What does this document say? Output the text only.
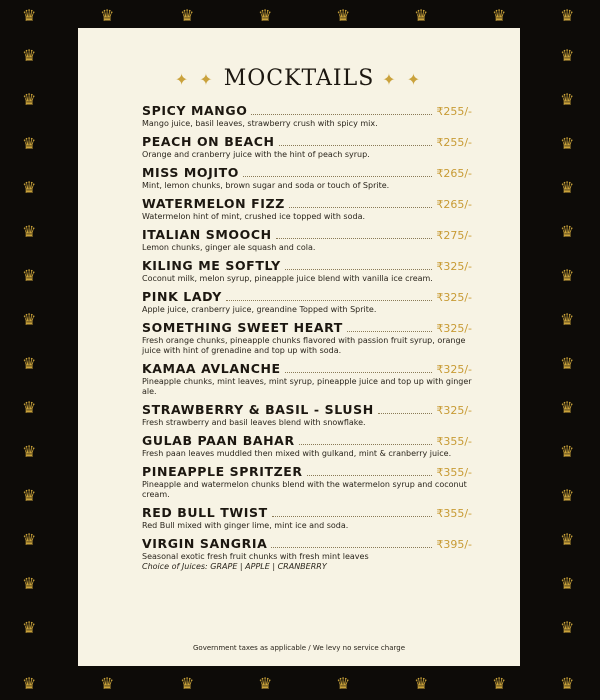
♛
♛
♛
♛
♛
♛
♛
♛
♛
♛
♛
♛
♛
♛
♛
♛
♛	♛
♛	♛
♛	♛
♛	♛
♛	♛
♛	♛
♛	♛
♛	♛
♛	♛
♛	♛
♛	♛
♛	♛
♛	♛
♛	♛
✦ ✦ MOCKTAILS ✦ ✦
SPICY MANGO	₹255/-
Mango juice, basil leaves, strawberry crush with spicy mix.
PEACH ON BEACH	₹255/-
Orange and cranberry juice with the hint of peach syrup.
MISS MOJITO	₹265/-
Mint, lemon chunks, brown sugar and soda or touch of Sprite.
WATERMELON FIZZ	₹265/-
Watermelon hint of mint, crushed ice topped with soda.
ITALIAN SMOOCH	₹275/-
Lemon chunks, ginger ale squash and cola.
KILING ME SOFTLY	₹325/-
Coconut milk, melon syrup, pineapple juice blend with vanilla ice cream.
PINK LADY	₹325/-
Apple juice, cranberry juice, greandine Topped with Sprite.
SOMETHING SWEET HEART	₹325/-
Fresh orange chunks, pineapple chunks flavored with passion fruit syrup, orange juice with hint of grenadine and top up with soda.
KAMAA AVLANCHE	₹325/-
Pineapple chunks, mint leaves, mint syrup, pineapple juice and top up with ginger ale.
STRAWBERRY & BASIL - SLUSH	₹325/-
Fresh strawberry and basil leaves blend with snowflake.
GULAB PAAN BAHAR	₹355/-
Fresh paan leaves muddled then mixed with gulkand, mint & cranberry juice.
PINEAPPLE SPRITZER	₹355/-
Pineapple and watermelon chunks blend with the watermelon syrup and coconut cream.
RED BULL TWIST	₹355/-
Red Bull mixed with ginger lime, mint ice and soda.
VIRGIN SANGRIA	₹395/-
Seasonal exotic fresh fruit chunks with fresh mint leaves
Choice of Juices: GRAPE | APPLE | CRANBERRY
Government taxes as applicable / We levy no service charge
